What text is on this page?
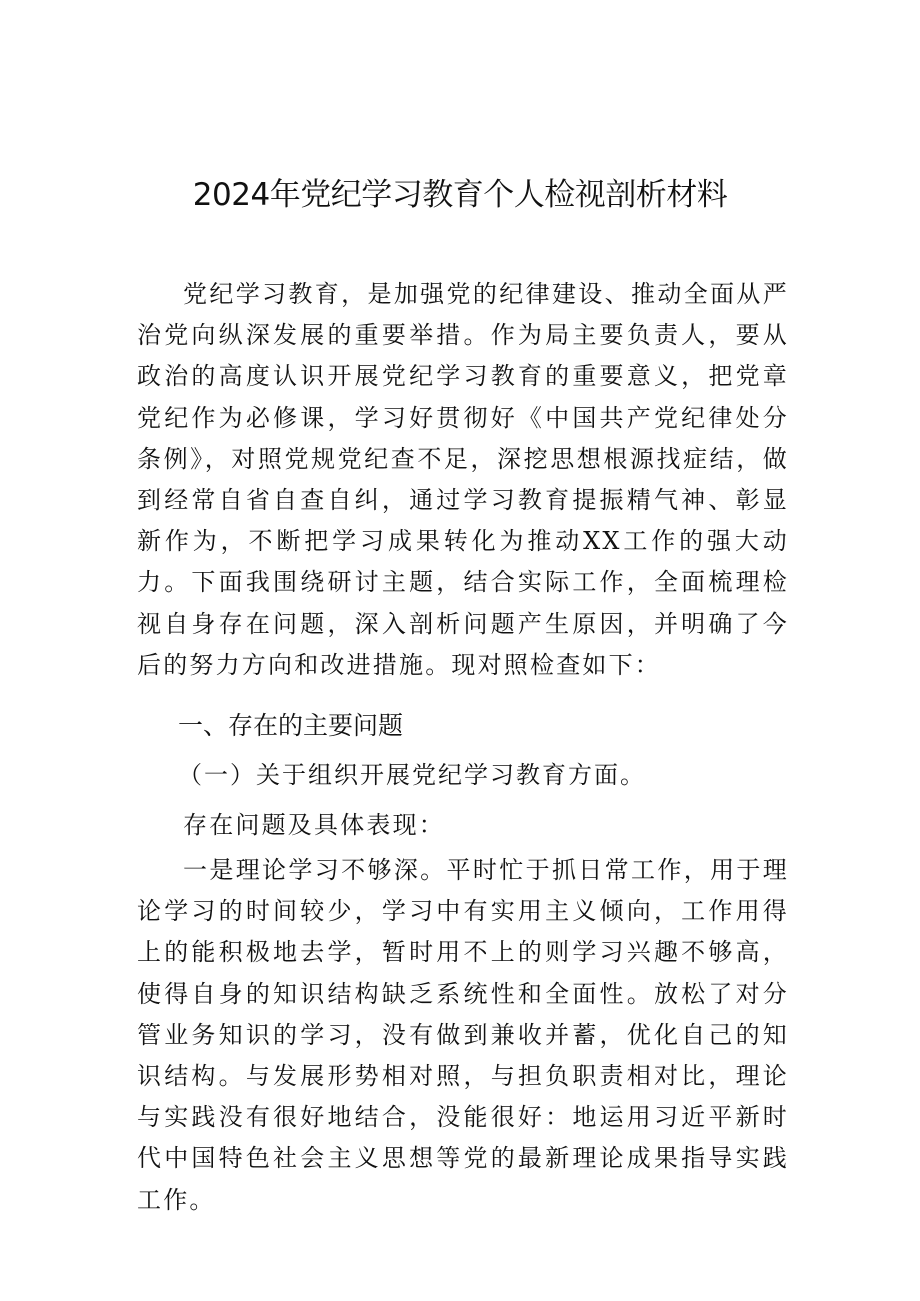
2024年党纪学习教育个人检视剖析材料

党纪学习教育，是加强党的纪律建设、推动全面从严治党向纵深发展的重要举措。作为局主要负责人，要从政治的高度认识开展党纪学习教育的重要意义，把党章党纪作为必修课，学习好贯彻好《中国共产党纪律处分条例》，对照党规党纪查不足，深挖思想根源找症结，做到经常自省自查自纠，通过学习教育提振精气神、彰显新作为，不断把学习成果转化为推动XX工作的强大动力。下面我围绕研讨主题，结合实际工作，全面梳理检视自身存在问题，深入剖析问题产生原因，并明确了今后的努力方向和改进措施。现对照检查如下：

一、存在的主要问题

（一）关于组织开展党纪学习教育方面。

存在问题及具体表现：

一是理论学习不够深。平时忙于抓日常工作，用于理论学习的时间较少，学习中有实用主义倾向，工作用得上的能积极地去学，暂时用不上的则学习兴趣不够高，使得自身的知识结构缺乏系统性和全面性。放松了对分管业务知识的学习，没有做到兼收并蓄，优化自己的知识结构。与发展形势相对照，与担负职责相对比，理论与实践没有很好地结合，没能很好：地运用习近平新时代中国特色社会主义思想等党的最新理论成果指导实践工作。
